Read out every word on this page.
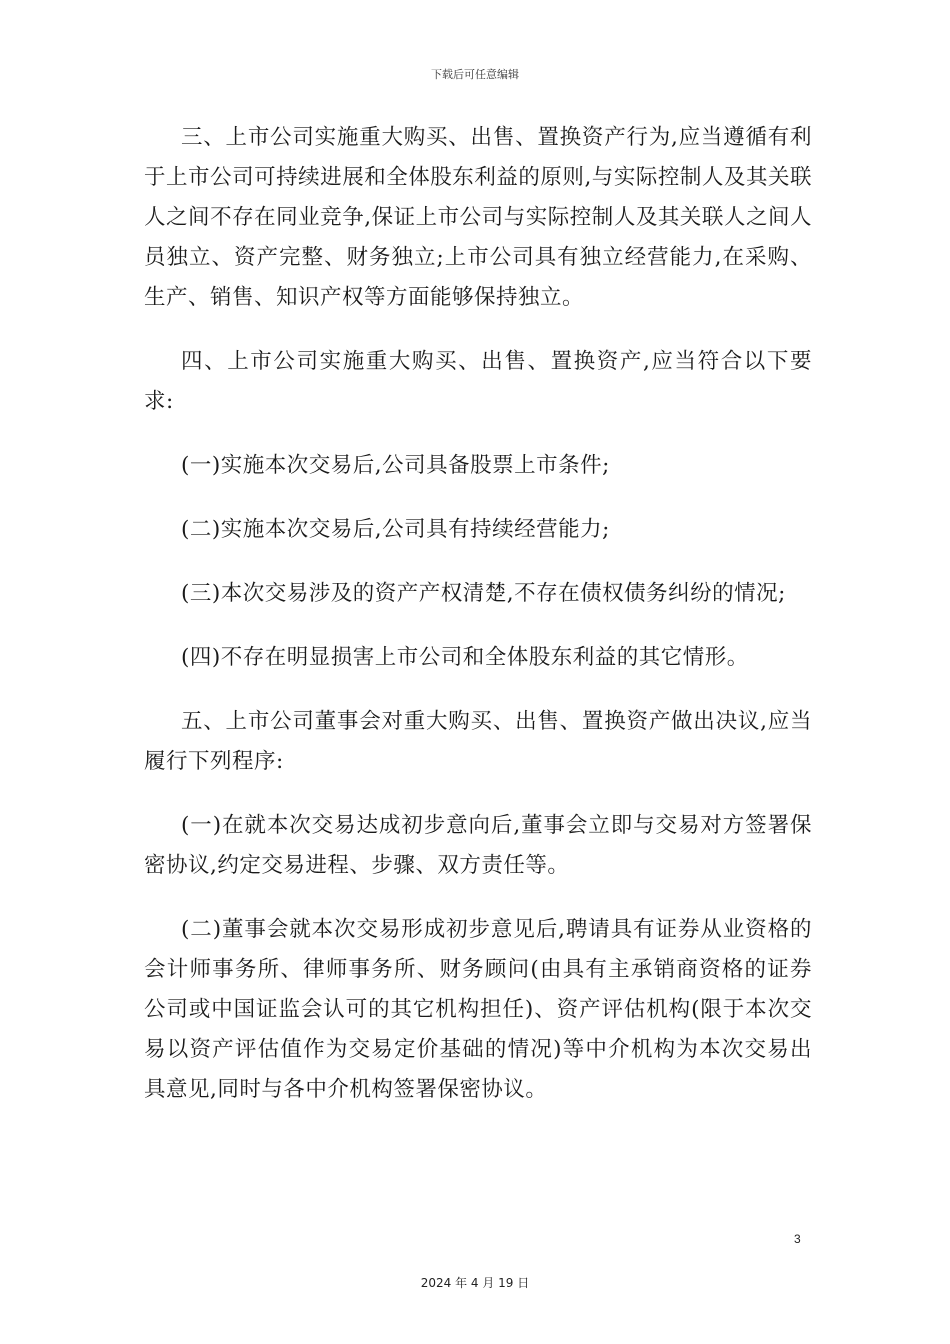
下载后可任意编辑

三、上市公司实施重大购买、出售、置换资产行为,应当遵循有利于上市公司可持续进展和全体股东利益的原则,与实际控制人及其关联人之间不存在同业竞争,保证上市公司与实际控制人及其关联人之间人员独立、资产完整、财务独立;上市公司具有独立经营能力,在采购、生产、销售、知识产权等方面能够保持独立。

四、上市公司实施重大购买、出售、置换资产,应当符合以下要求:

(一)实施本次交易后,公司具备股票上市条件;

(二)实施本次交易后,公司具有持续经营能力;

(三)本次交易涉及的资产产权清楚,不存在债权债务纠纷的情况;

(四)不存在明显损害上市公司和全体股东利益的其它情形。

五、上市公司董事会对重大购买、出售、置换资产做出决议,应当履行下列程序:

(一)在就本次交易达成初步意向后,董事会立即与交易对方签署保密协议,约定交易进程、步骤、双方责任等。

(二)董事会就本次交易形成初步意见后,聘请具有证券从业资格的会计师事务所、律师事务所、财务顾问(由具有主承销商资格的证券公司或中国证监会认可的其它机构担任)、资产评估机构(限于本次交易以资产评估值作为交易定价基础的情况)等中介机构为本次交易出具意见,同时与各中介机构签署保密协议。

3
2024 年 4 月 19 日
